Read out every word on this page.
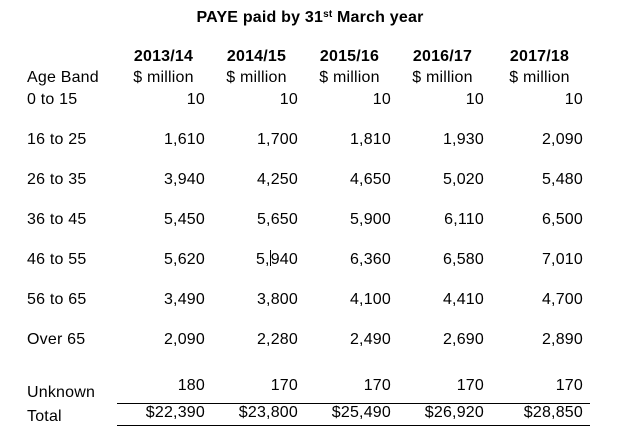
PAYE paid by 31st March year
	2013/14	2014/15	2015/16	2016/17	2017/18
Age Band	$ million	$ million	$ million	$ million	$ million
0 to 15	10	10	10	10	10
16 to 25	1,610	1,700	1,810	1,930	2,090
26 to 35	3,940	4,250	4,650	5,020	5,480
36 to 45	5,450	5,650	5,900	6,110	6,500
46 to 55	5,620	5,940	6,360	6,580	7,010
56 to 65	3,490	3,800	4,100	4,410	4,700
Over 65	2,090	2,280	2,490	2,690	2,890
Unknown	180	170	170	170	170
Total	$22,390	$23,800	$25,490	$26,920	$28,850
